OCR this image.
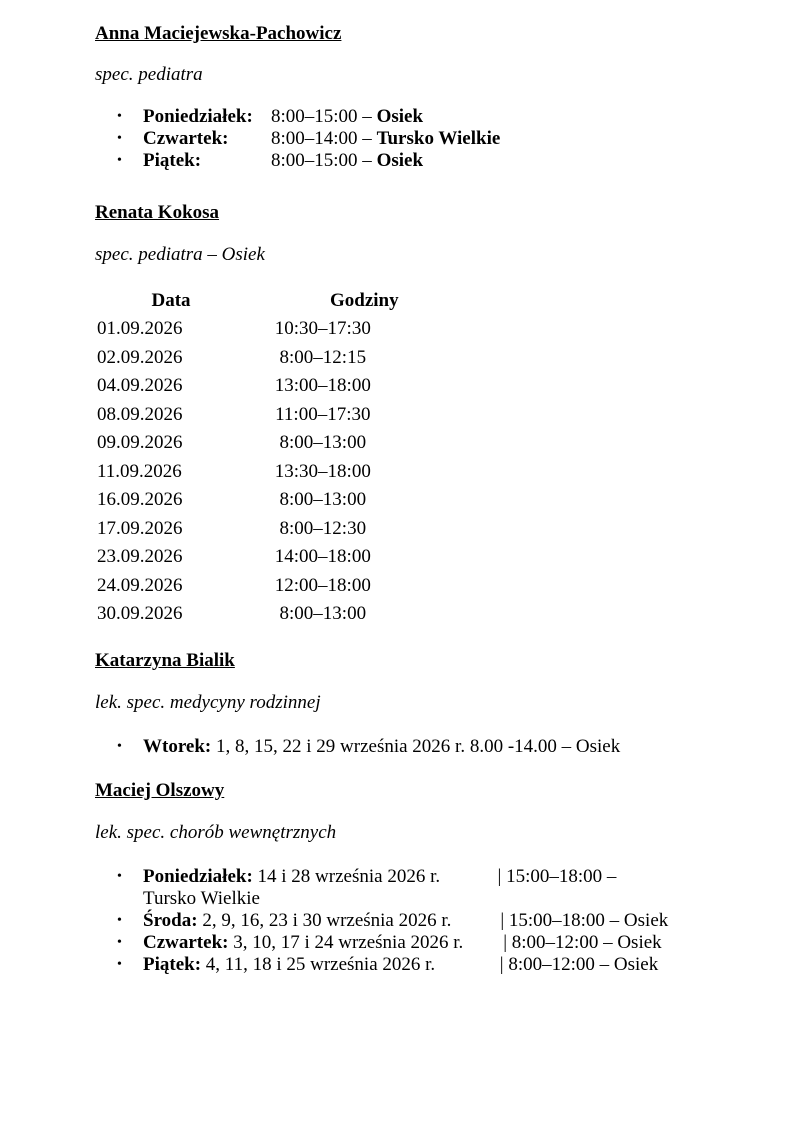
Anna Maciejewska-Pachowicz
spec. pediatra
• Poniedziałek: 8:00–15:00 – Osiek
• Czwartek: 8:00–14:00 – Tursko Wielkie
• Piątek:	8:00–15:00 – Osiek
Renata Kokosa
spec. pediatra – Osiek
Data	Godziny
01.09.2026	10:30–17:30
02.09.2026	8:00–12:15
04.09.2026	13:00–18:00
08.09.2026	11:00–17:30
09.09.2026	8:00–13:00
11.09.2026	13:30–18:00
16.09.2026	8:00–13:00
17.09.2026	8:00–12:30
23.09.2026	14:00–18:00
24.09.2026	12:00–18:00
30.09.2026	8:00–13:00
Katarzyna Bialik
lek. spec. medycyny rodzinnej
• Wtorek: 1, 8, 15, 22 i 29 września 2026 r. 8.00 -14.00 – Osiek
Maciej Olszowy
lek. spec. chorób wewnętrznych
• Poniedziałek: 14 i 28 września 2026 r.	| 15:00–18:00 –
Tursko Wielkie
• Środa: 2, 9, 16, 23 i 30 września 2026 r.	| 15:00–18:00 – Osiek
• Czwartek: 3, 10, 17 i 24 września 2026 r. | 8:00–12:00 – Osiek
• Piątek: 4, 11, 18 i 25 września 2026 r.	| 8:00–12:00 – Osiek
